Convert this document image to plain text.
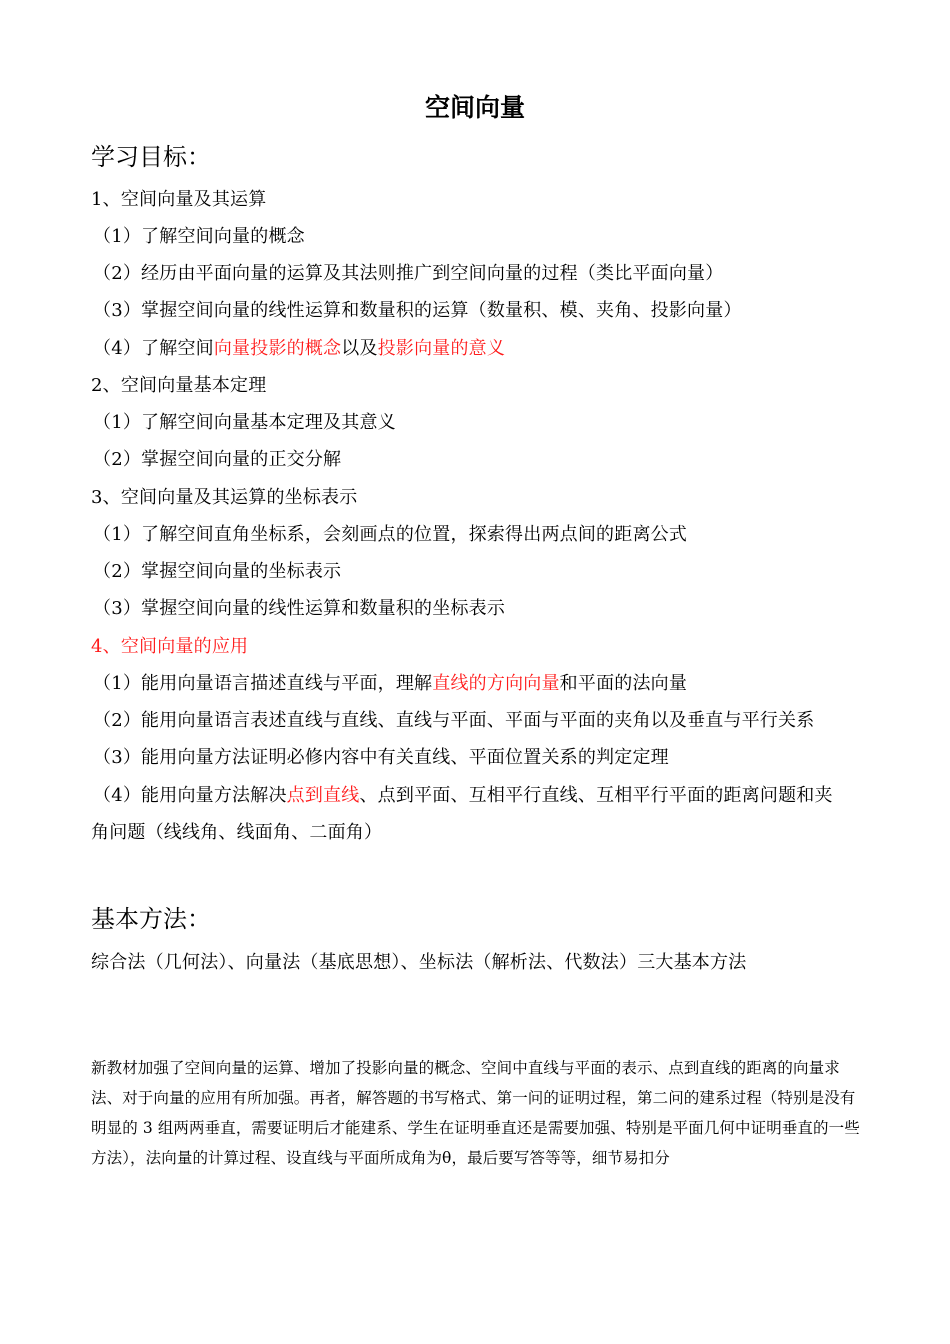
空间向量
学习目标：
1、空间向量及其运算
（1）了解空间向量的概念
（2）经历由平面向量的运算及其法则推广到空间向量的过程（类比平面向量）
（3）掌握空间向量的线性运算和数量积的运算（数量积、模、夹角、投影向量）
（4）了解空间向量投影的概念以及投影向量的意义
2、空间向量基本定理
（1）了解空间向量基本定理及其意义
（2）掌握空间向量的正交分解
3、空间向量及其运算的坐标表示
（1）了解空间直角坐标系，会刻画点的位置，探索得出两点间的距离公式
（2）掌握空间向量的坐标表示
（3）掌握空间向量的线性运算和数量积的坐标表示
4、空间向量的应用
（1）能用向量语言描述直线与平面，理解直线的方向向量和平面的法向量
（2）能用向量语言表述直线与直线、直线与平面、平面与平面的夹角以及垂直与平行关系
（3）能用向量方法证明必修内容中有关直线、平面位置关系的判定定理
（4）能用向量方法解决点到直线、点到平面、互相平行直线、互相平行平面的距离问题和夹
角问题（线线角、线面角、二面角）
基本方法：
综合法（几何法）、向量法（基底思想）、坐标法（解析法、代数法）三大基本方法
新教材加强了空间向量的运算、增加了投影向量的概念、空间中直线与平面的表示、点到直线的距离的向量求法、对于向量的应用有所加强。再者，解答题的书写格式、第一问的证明过程，第二问的建系过程（特别是没有明显的 3 组两两垂直，需要证明后才能建系、学生在证明垂直还是需要加强、特别是平面几何中证明垂直的一些方法），法向量的计算过程、设直线与平面所成角为θ，最后要写答等等，细节易扣分
